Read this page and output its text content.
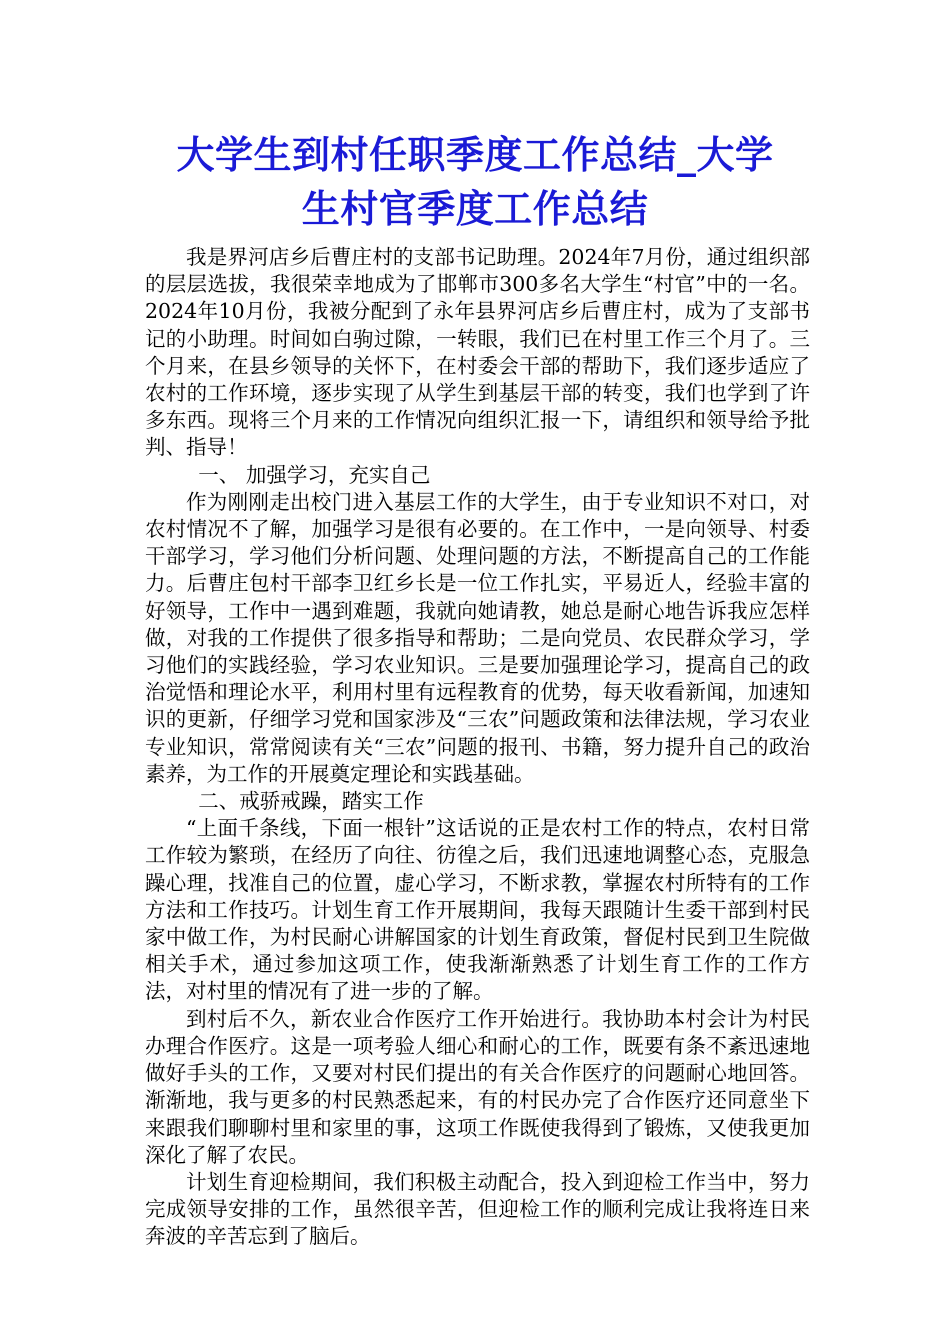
大学生到村任职季度工作总结_大学
生村官季度工作总结

我是界河店乡后曹庄村的支部书记助理。2024年7月份，通过组织部的层层选拔，我很荣幸地成为了邯郸市300多名大学生“村官”中的一名。2024年10月份，我被分配到了永年县界河店乡后曹庄村，成为了支部书记的小助理。时间如白驹过隙，一转眼，我们已在村里工作三个月了。三个月来，在县乡领导的关怀下，在村委会干部的帮助下，我们逐步适应了农村的工作环境，逐步实现了从学生到基层干部的转变，我们也学到了许多东西。现将三个月来的工作情况向组织汇报一下，请组织和领导给予批判、指导！

一、 加强学习，充实自己

作为刚刚走出校门进入基层工作的大学生，由于专业知识不对口，对农村情况不了解，加强学习是很有必要的。在工作中，一是向领导、村委干部学习，学习他们分析问题、处理问题的方法，不断提高自己的工作能力。后曹庄包村干部李卫红乡长是一位工作扎实，平易近人，经验丰富的好领导，工作中一遇到难题，我就向她请教，她总是耐心地告诉我应怎样做，对我的工作提供了很多指导和帮助；二是向党员、农民群众学习，学习他们的实践经验，学习农业知识。三是要加强理论学习，提高自己的政治觉悟和理论水平，利用村里有远程教育的优势，每天收看新闻，加速知识的更新，仔细学习党和国家涉及“三农”问题政策和法律法规，学习农业专业知识，常常阅读有关“三农”问题的报刊、书籍，努力提升自己的政治素养，为工作的开展奠定理论和实践基础。

二、戒骄戒躁，踏实工作

“上面千条线，下面一根针”这话说的正是农村工作的特点，农村日常工作较为繁琐，在经历了向往、彷徨之后，我们迅速地调整心态，克服急躁心理，找准自己的位置，虚心学习，不断求教，掌握农村所特有的工作方法和工作技巧。计划生育工作开展期间，我每天跟随计生委干部到村民家中做工作，为村民耐心讲解国家的计划生育政策，督促村民到卫生院做相关手术，通过参加这项工作，使我渐渐熟悉了计划生育工作的工作方法，对村里的情况有了进一步的了解。

到村后不久，新农业合作医疗工作开始进行。我协助本村会计为村民办理合作医疗。这是一项考验人细心和耐心的工作，既要有条不紊迅速地做好手头的工作，又要对村民们提出的有关合作医疗的问题耐心地回答。渐渐地，我与更多的村民熟悉起来，有的村民办完了合作医疗还同意坐下来跟我们聊聊村里和家里的事，这项工作既使我得到了锻炼，又使我更加深化了解了农民。

计划生育迎检期间，我们积极主动配合，投入到迎检工作当中，努力完成领导安排的工作，虽然很辛苦，但迎检工作的顺利完成让我将连日来奔波的辛苦忘到了脑后。
